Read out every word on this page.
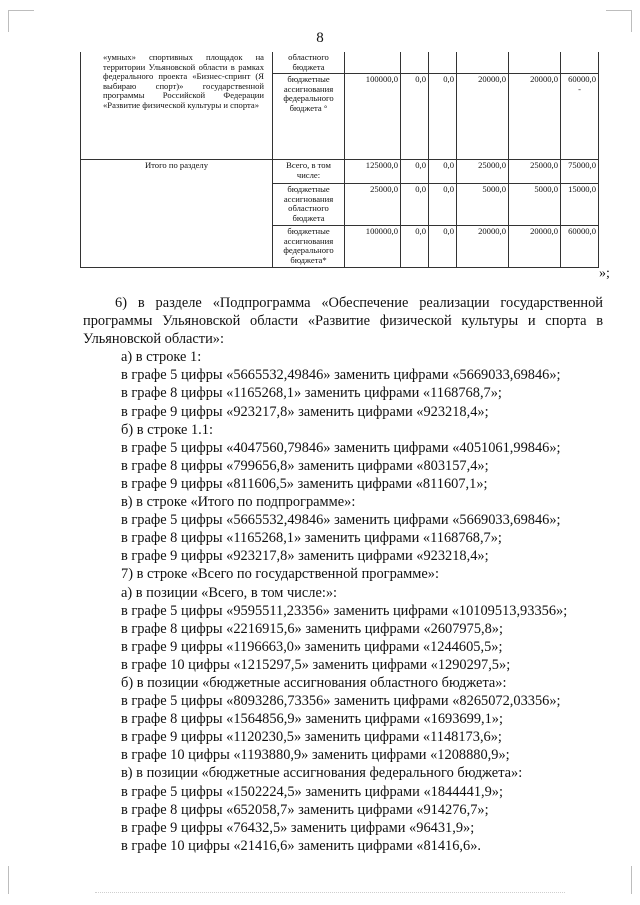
8
«умных» спортивных площадок на территории Ульяновской области в рамках федерального проекта «Бизнес-спринт (Я выбираю спорт)» государственной программы Российской Федерации «Развитие физической культуры и спорта»	областного бюджета						
	бюджетные ассигнования федерального бюджета °	100000,0	0,0	0,0	20000,0	20000,0	60000,0

-

Итого по разделу	Всего, в том числе:	125000,0	0,0	0,0	25000,0	25000,0	75000,0
	бюджетные ассигнования областного бюджета	25000,0	0,0	0,0	5000,0	5000,0	15000,0
	бюджетные ассигнования федерального бюджета*	100000,0	0,0	0,0	20000,0	20000,0	60000,0
»;

6) в разделе «Подпрограмма «Обеспечение реализации государственной программы Ульяновской области «Развитие физической культуры и спорта в Ульяновской области»:

а) в строке 1:

в графе 5 цифры «5665532,49846» заменить цифрами «5669033,69846»;

в графе 8 цифры «1165268,1» заменить цифрами «1168768,7»;

в графе 9 цифры «923217,8» заменить цифрами «923218,4»;

б) в строке 1.1:

в графе 5 цифры «4047560,79846» заменить цифрами «4051061,99846»;

в графе 8 цифры «799656,8» заменить цифрами «803157,4»;

в графе 9 цифры «811606,5» заменить цифрами «811607,1»;

в) в строке «Итого по подпрограмме»:

в графе 5 цифры «5665532,49846» заменить цифрами «5669033,69846»;

в графе 8 цифры «1165268,1» заменить цифрами «1168768,7»;

в графе 9 цифры «923217,8» заменить цифрами «923218,4»;

7) в строке «Всего по государственной программе»:

а) в позиции «Всего, в том числе:»:

в графе 5 цифры «9595511,23356» заменить цифрами «10109513,93356»;

в графе 8 цифры «2216915,6» заменить цифрами «2607975,8»;

в графе 9 цифры «1196663,0» заменить цифрами «1244605,5»;

в графе 10 цифры «1215297,5» заменить цифрами «1290297,5»;

б) в позиции «бюджетные ассигнования областного бюджета»:

в графе 5 цифры «8093286,73356» заменить цифрами «8265072,03356»;

в графе 8 цифры «1564856,9» заменить цифрами «1693699,1»;

в графе 9 цифры «1120230,5» заменить цифрами «1148173,6»;

в графе 10 цифры «1193880,9» заменить цифрами «1208880,9»;

в) в позиции «бюджетные ассигнования федерального бюджета»:

в графе 5 цифры «1502224,5» заменить цифрами «1844441,9»;

в графе 8 цифры «652058,7» заменить цифрами «914276,7»;

в графе 9 цифры «76432,5» заменить цифрами «96431,9»;

в графе 10 цифры «21416,6» заменить цифрами «81416,6».
